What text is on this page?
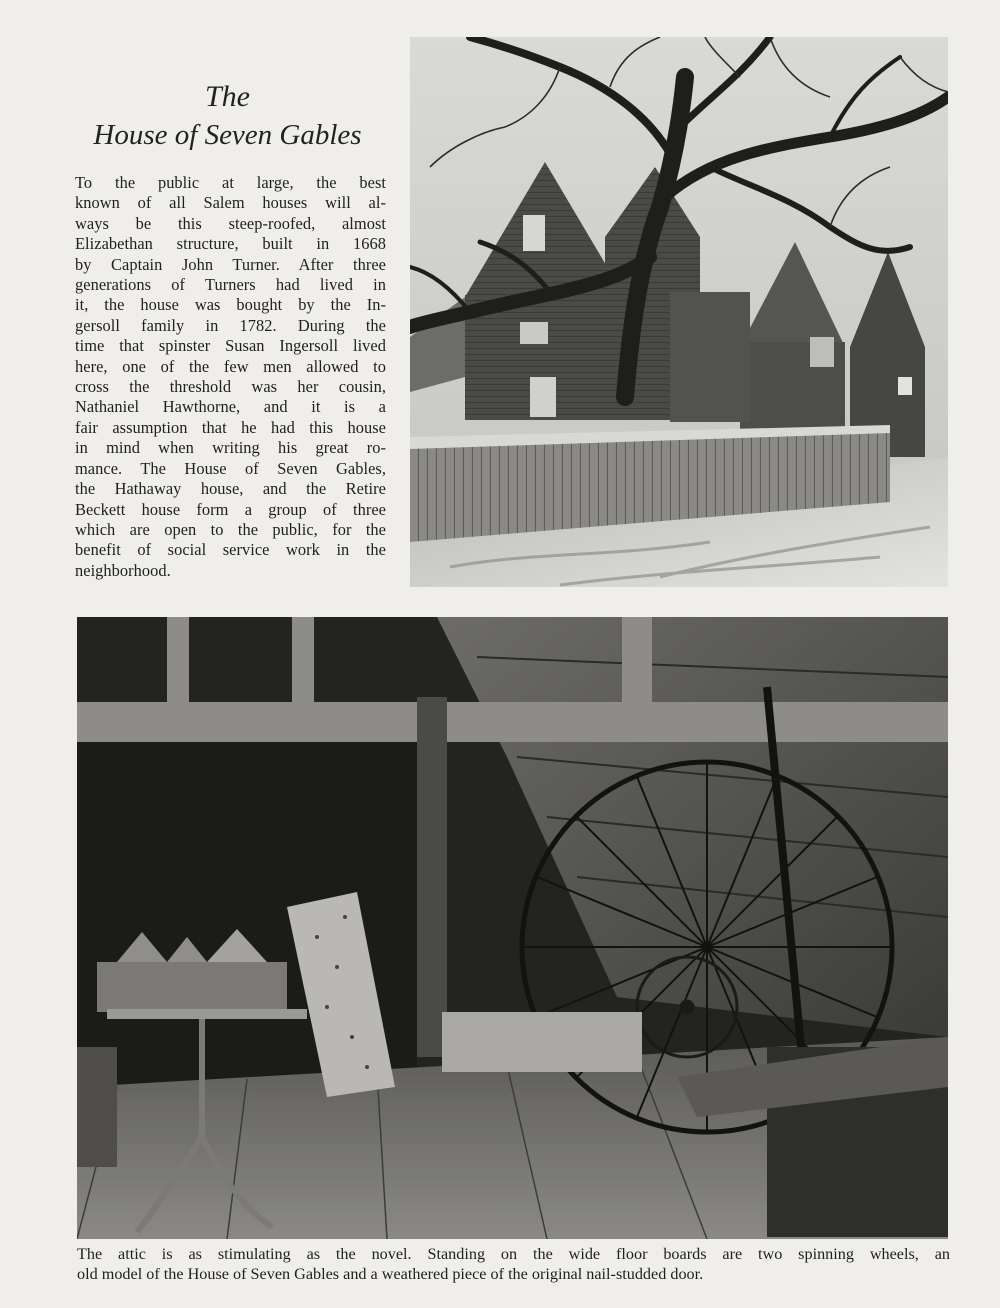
The
House of Seven Gables
To the public at large, the best
known of all Salem houses will al-
ways be this steep-roofed, almost
Elizabethan structure, built in 1668
by Captain John Turner. After three
generations of Turners had lived in
it, the house was bought by the In-
gersoll family in 1782. During the
time that spinster Susan Ingersoll lived
here, one of the few men allowed to
cross the threshold was her cousin,
Nathaniel Hawthorne, and it is a
fair assumption that he had this house
in mind when writing his great ro-
mance. The House of Seven Gables,
the Hathaway house, and the Retire
Beckett house form a group of three
which are open to the public, for the
benefit of social service work in the
neighborhood.
The attic is as stimulating as the novel. Standing on the wide floor boards are two spinning wheels, an
old model of the House of Seven Gables and a weathered piece of the original nail-studded door.
